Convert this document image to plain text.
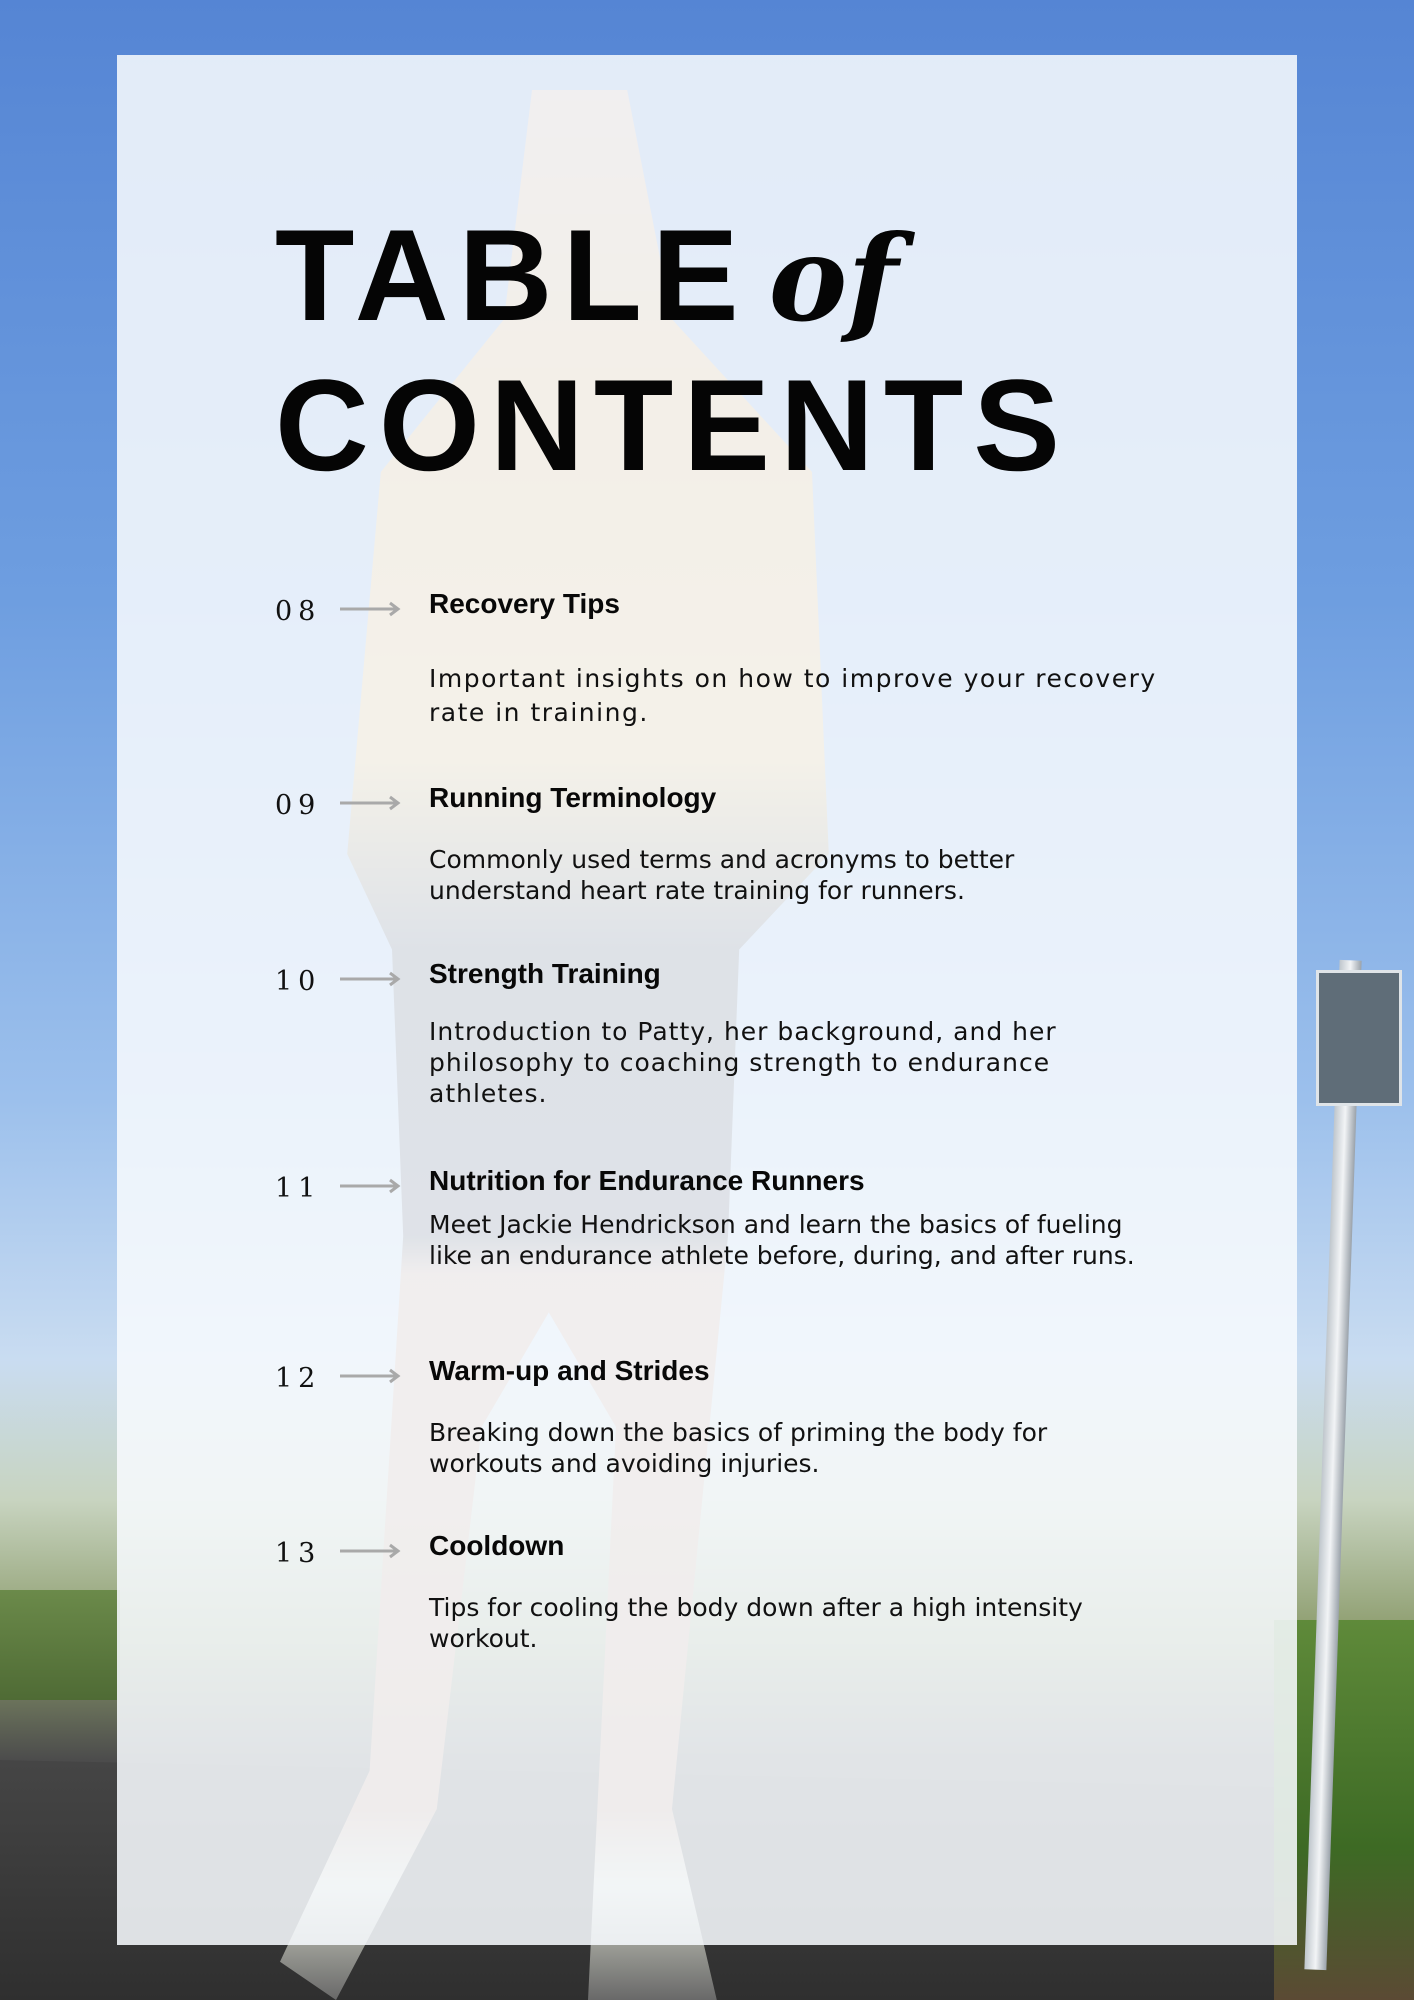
TABLE of
CONTENTS
08	Recovery Tips

Important insights on how to improve your recovery rate in training.

09	Running Terminology

Commonly used terms and acronyms to better understand heart rate training for runners.

10	Strength Training

Introduction to Patty, her background, and her philosophy to coaching strength to endurance athletes.

11	Nutrition for Endurance Runners

Meet Jackie Hendrickson and learn the basics of fueling like an endurance athlete before, during, and after runs.

12	Warm-up and Strides

Breaking down the basics of priming the body for workouts and avoiding injuries.

13	Cooldown

Tips for cooling the body down after a high intensity workout.
